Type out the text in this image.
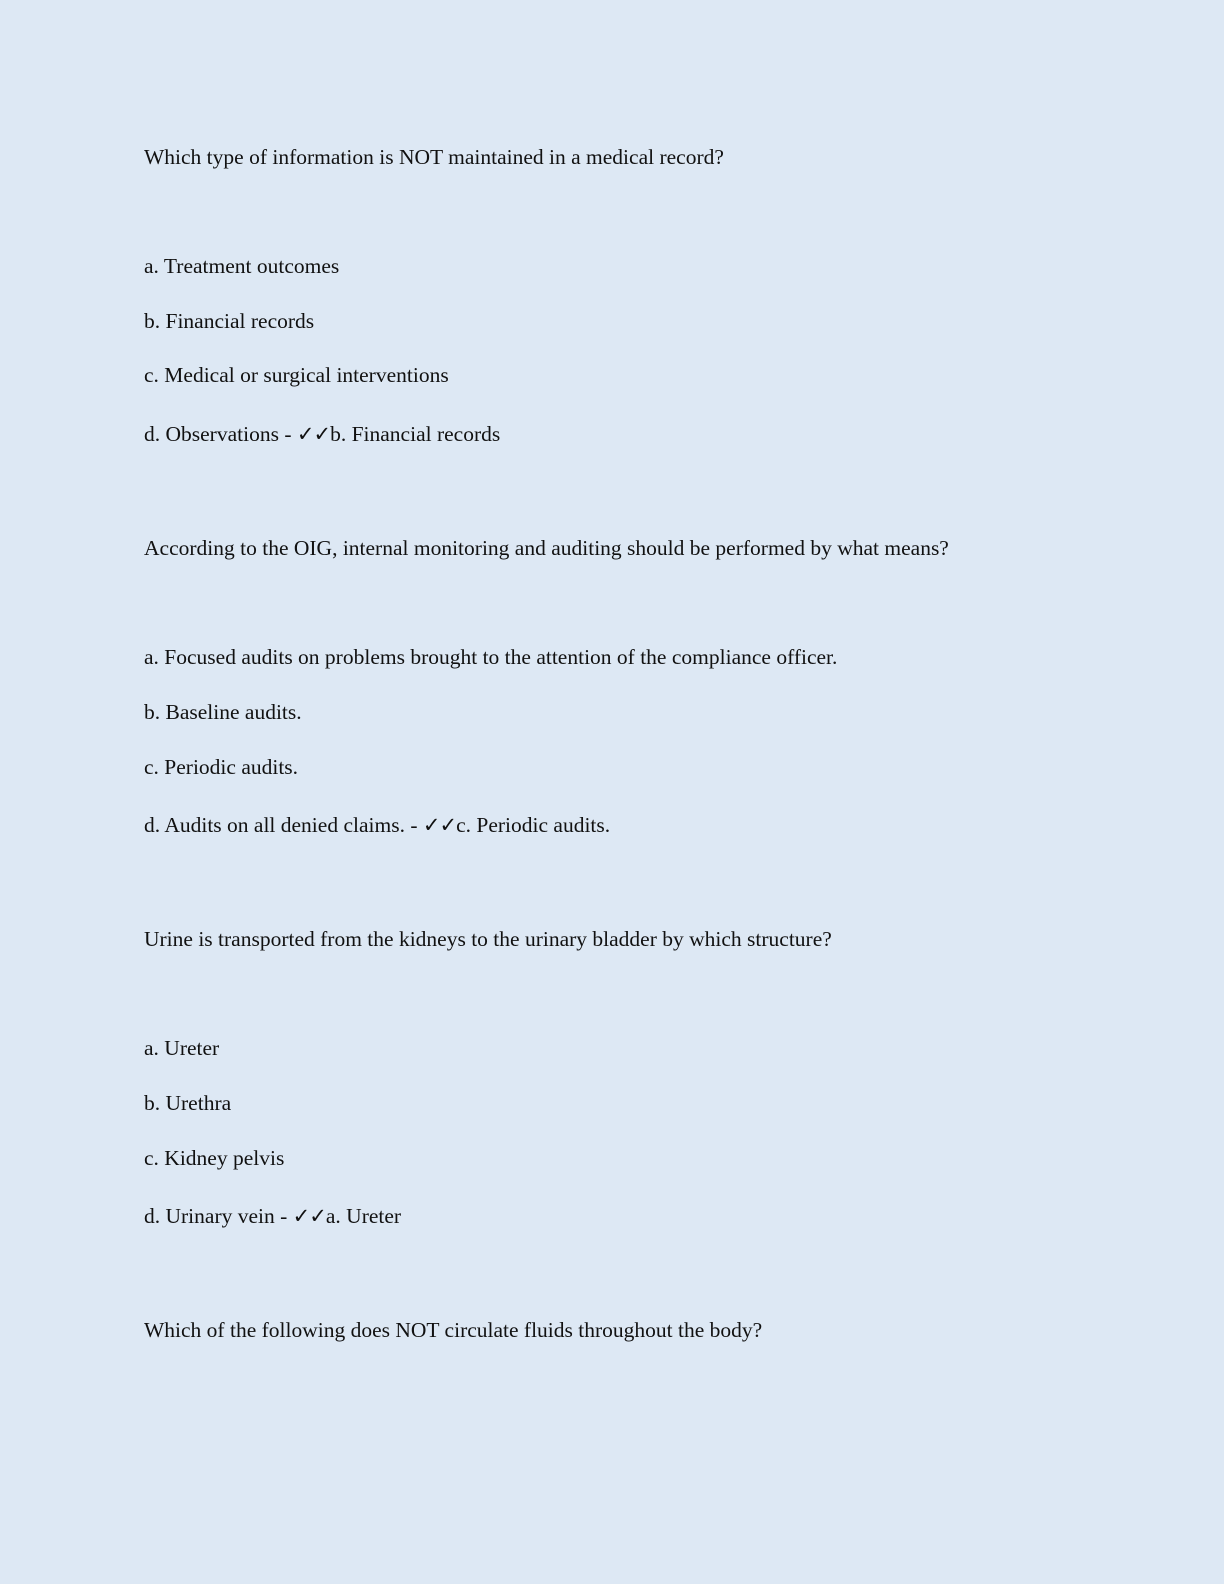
Which type of information is NOT maintained in a medical record?
a. Treatment outcomes
b. Financial records
c. Medical or surgical interventions
d. Observations - ✓✓b. Financial records
According to the OIG, internal monitoring and auditing should be performed by what means?
a. Focused audits on problems brought to the attention of the compliance officer.
b. Baseline audits.
c. Periodic audits.
d. Audits on all denied claims. - ✓✓c. Periodic audits.
Urine is transported from the kidneys to the urinary bladder by which structure?
a. Ureter
b. Urethra
c. Kidney pelvis
d. Urinary vein - ✓✓a. Ureter
Which of the following does NOT circulate fluids throughout the body?
